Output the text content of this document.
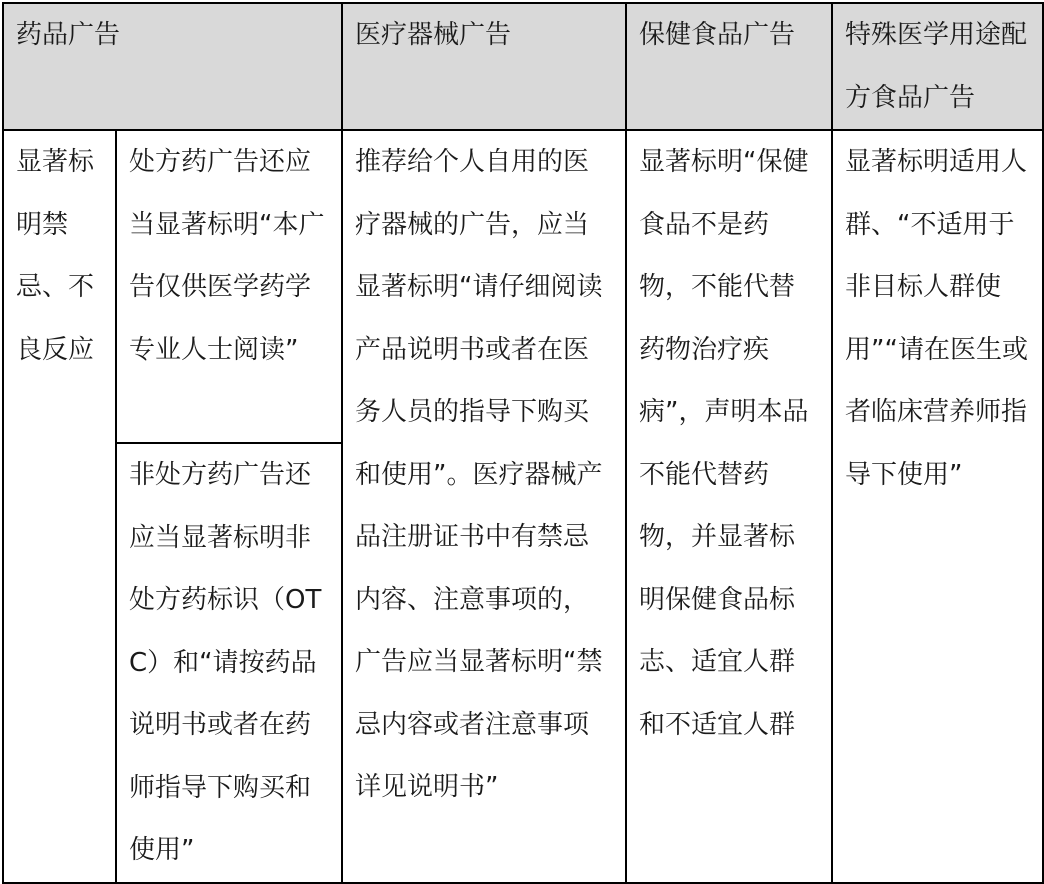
药品广告		医疗器械广告	保健食品广告	特殊医学用途配方食品广告
显著标明禁忌、不良反应	处方药广告还应当显著标明“本广告仅供医学药学专业人士阅读”	推荐给个人自用的医疗器械的广告，应当显著标明“请仔细阅读产品说明书或者在医务人员的指导下购买和使用”。医疗器械产品注册证书中有禁忌内容、注意事项的，广告应当显著标明“禁忌内容或者注意事项详见说明书”	显著标明“保健食品不是药物，不能代替药物治疗疾病”，声明本品不能代替药物，并显著标明保健食品标志、适宜人群和不适宜人群	显著标明适用人群、“不适用于非目标人群使用”“请在医生或者临床营养师指导下使用”
	非处方药广告还应当显著标明非处方药标识（OTC）和“请按药品说明书或者在药师指导下购买和使用”			
